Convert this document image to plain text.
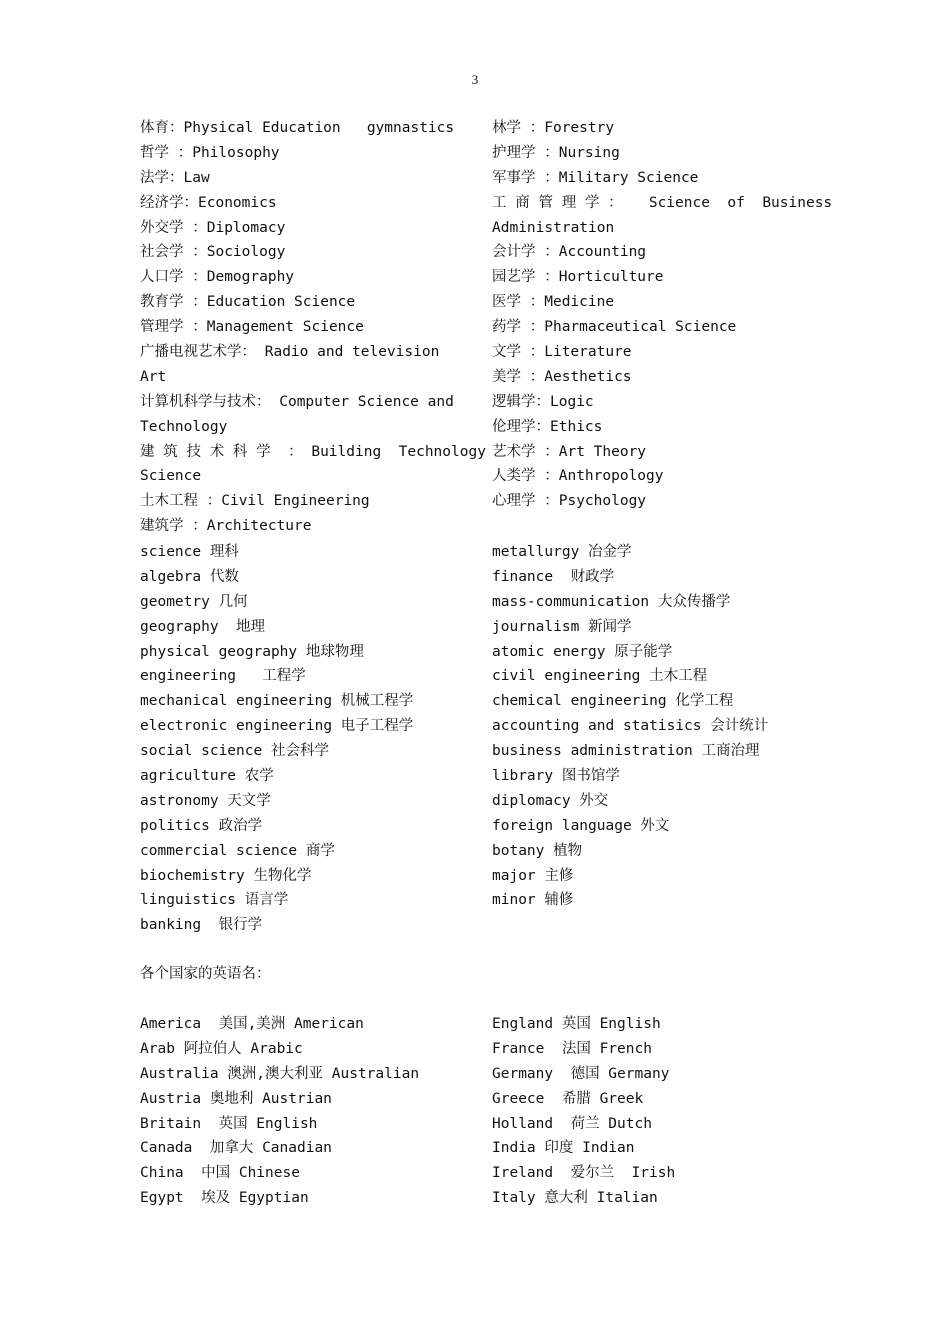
3
体育：Physical Education   gymnastics
哲学 ：Philosophy
法学：Law
经济学：Economics
外交学 ：Diplomacy
社会学 ：Sociology
人口学 ：Demography
教育学 ：Education Science
管理学 ：Management Science
广播电视艺术学： Radio and television
Art
计算机科学与技术： Computer Science and
Technology
建 筑 技 术 科 学  ： Building  Technology
Science
土木工程 ：Civil Engineering
建筑学 ：Architecture
林学 ：Forestry
护理学 ：Nursing
军事学 ：Military Science
工 商 管 理 学 ：   Science  of  Business
Administration
会计学 ：Accounting
园艺学 ：Horticulture
医学 ：Medicine
药学 ：Pharmaceutical Science
文学 ：Literature
美学 ：Aesthetics
逻辑学：Logic
伦理学：Ethics
艺术学 ：Art Theory
人类学 ：Anthropology
心理学 ：Psychology
science 理科
algebra 代数
geometry 几何
geography  地理
physical geography 地球物理
engineering   工程学
mechanical engineering 机械工程学
electronic engineering 电子工程学
social science 社会科学
agriculture 农学
astronomy 天文学
politics 政治学
commercial science 商学
biochemistry 生物化学
linguistics 语言学
banking  银行学
metallurgy 冶金学
finance  财政学
mass-communication 大众传播学
journalism 新闻学
atomic energy 原子能学
civil engineering 土木工程
chemical engineering 化学工程
accounting and statisics 会计统计
business administration 工商治理
library 图书馆学
diplomacy 外交
foreign language 外文
botany 植物
major 主修
minor 辅修
各个国家的英语名：
America  美国,美洲 American
Arab 阿拉伯人 Arabic
Australia 澳洲,澳大利亚 Australian
Austria 奥地利 Austrian
Britain  英国 English
Canada  加拿大 Canadian
China  中国 Chinese
Egypt  埃及 Egyptian
England 英国 English
France  法国 French
Germany  德国 Germany
Greece  希腊 Greek
Holland  荷兰 Dutch
India 印度 Indian
Ireland  爱尔兰  Irish
Italy 意大利 Italian
